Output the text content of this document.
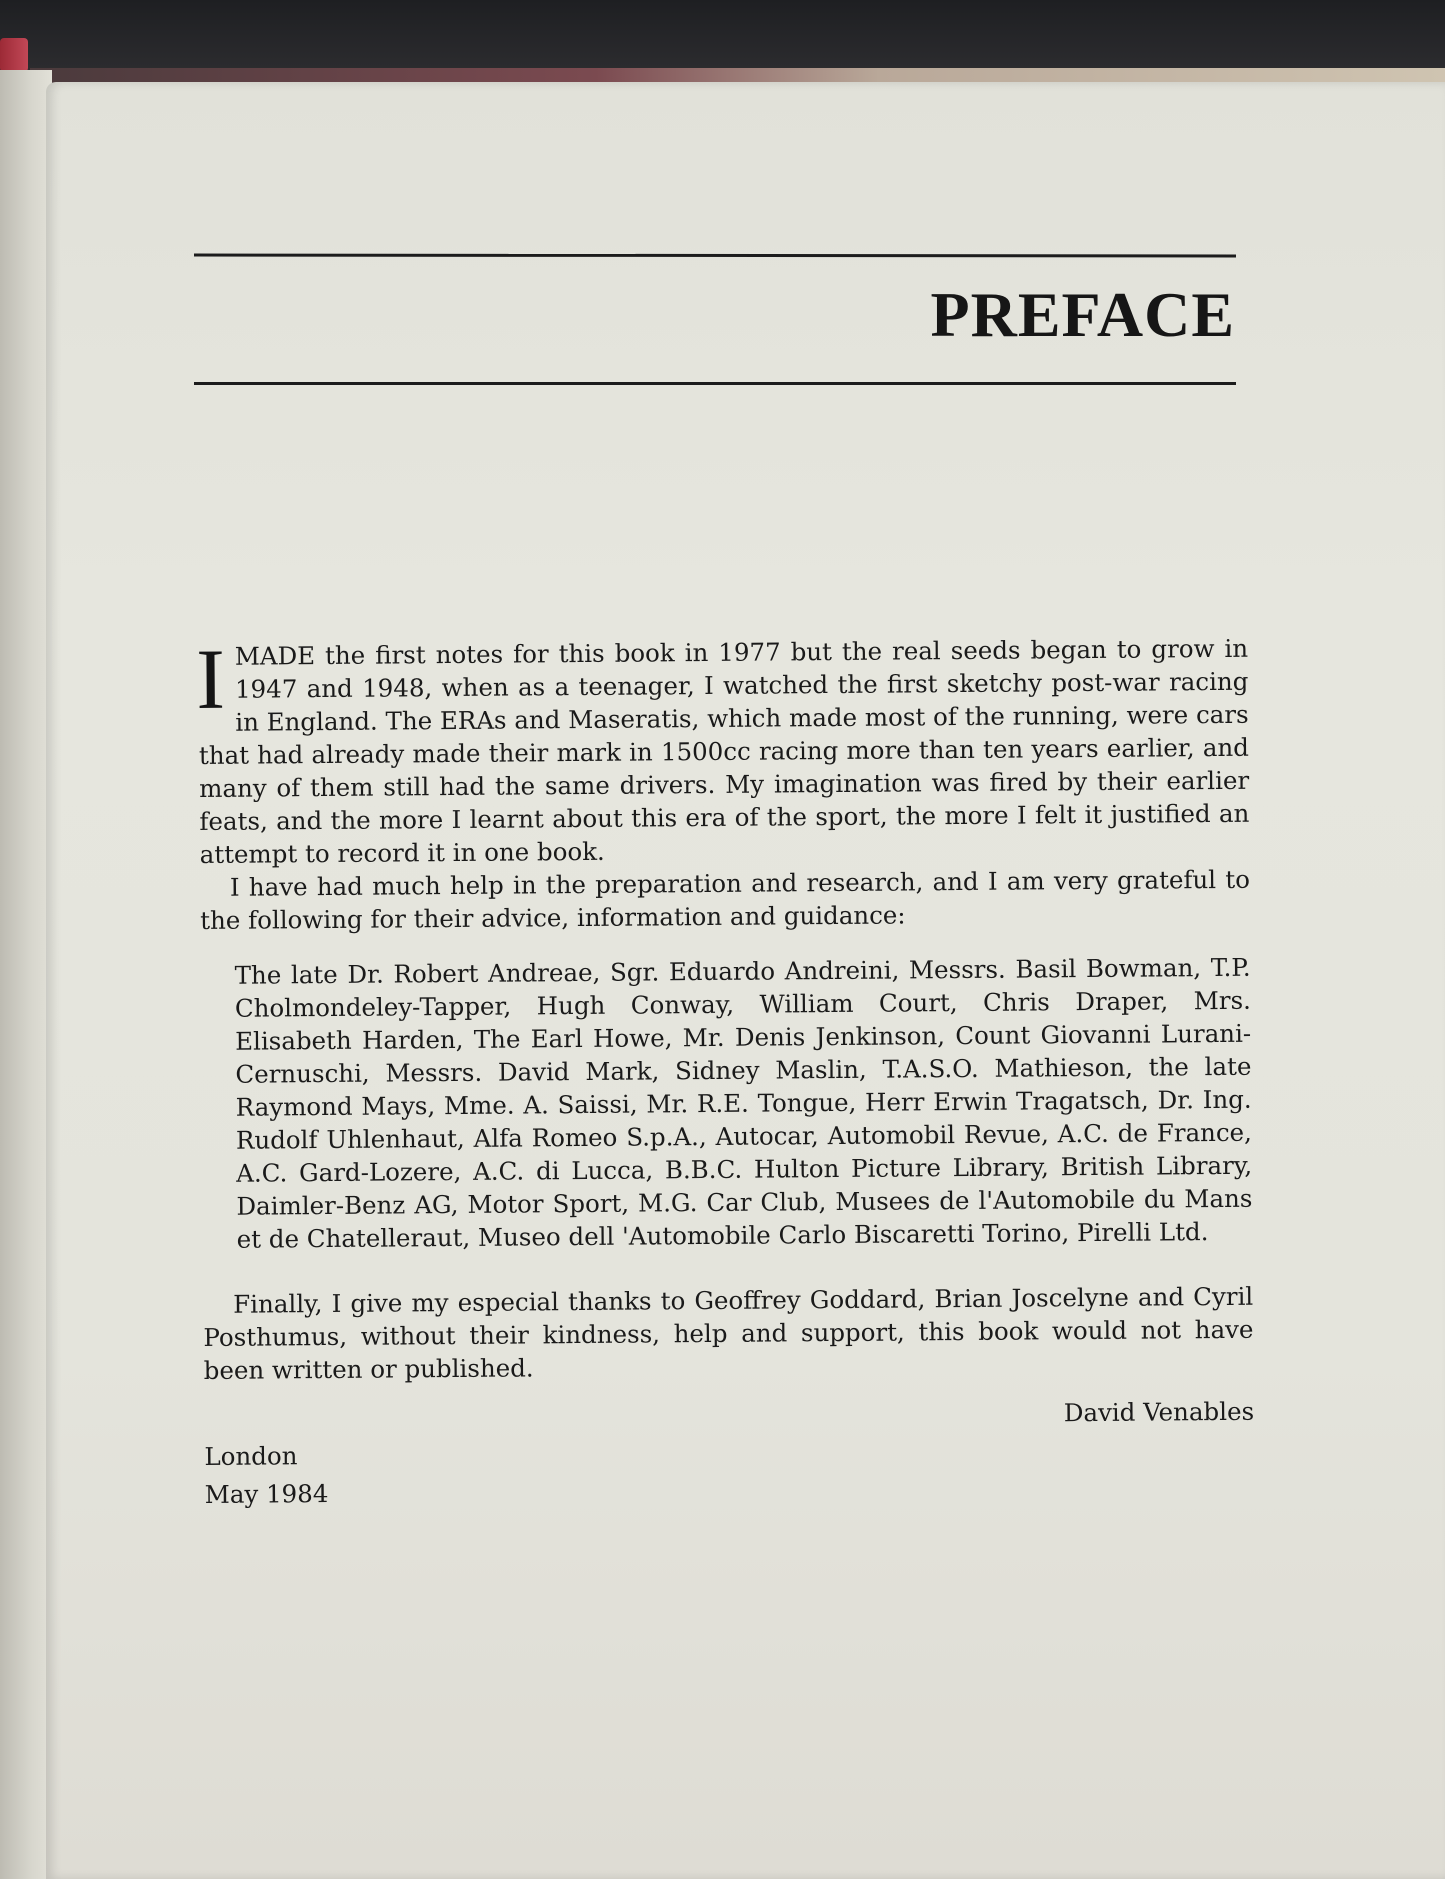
PREFACE

I MADE the first notes for this book in 1977 but the real seeds began to grow in 1947 and 1948, when as a teenager, I watched the first sketchy post-war racing in England. The ERAs and Maseratis, which made most of the running, were cars that had already made their mark in 1500cc racing more than ten years earlier, and many of them still had the same drivers. My imagination was fired by their earlier feats, and the more I learnt about this era of the sport, the more I felt it justified an attempt to record it in one book.

I have had much help in the preparation and research, and I am very grateful to the following for their advice, information and guidance:

The late Dr. Robert Andreae, Sgr. Eduardo Andreini, Messrs. Basil Bowman, T.P. Cholmondeley-Tapper, Hugh Conway, William Court, Chris Draper, Mrs. Elisabeth Harden, The Earl Howe, Mr. Denis Jenkinson, Count Giovanni Lurani-Cernuschi, Messrs. David Mark, Sidney Maslin, T.A.S.O. Mathieson, the late Raymond Mays, Mme. A. Saissi, Mr. R.E. Tongue, Herr Erwin Tragatsch, Dr. Ing. Rudolf Uhlenhaut, Alfa Romeo S.p.A., Autocar, Automobil Revue, A.C. de France, A.C. Gard-Lozere, A.C. di Lucca, B.B.C. Hulton Picture Library, British Library, Daimler-Benz AG, Motor Sport, M.G. Car Club, Musees de l'Automobile du Mans et de Chatelleraut, Museo dell 'Automobile Carlo Biscaretti Torino, Pirelli Ltd.

Finally, I give my especial thanks to Geoffrey Goddard, Brian Joscelyne and Cyril Posthumus, without their kindness, help and support, this book would not have been written or published.

David Venables
London
May 1984
